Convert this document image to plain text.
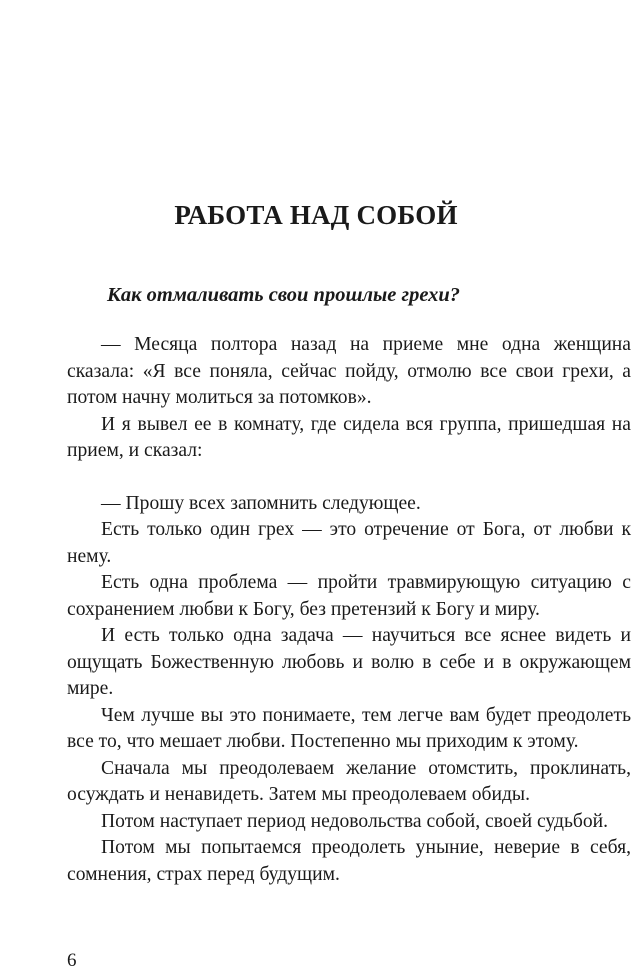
РАБОТА НАД СОБОЙ
Как отмаливать свои прошлые грехи?

— Месяца полтора назад на приеме мне одна женщина сказала: «Я все поняла, сейчас пойду, отмолю все свои грехи, а потом начну молиться за потомков».

И я вывел ее в комнату, где сидела вся группа, пришедшая на прием, и сказал:

— Прошу всех запомнить следующее.

Есть только один грех — это отречение от Бога, от любви к нему.

Есть одна проблема — пройти травмирующую ситуацию с сохранением любви к Богу, без претензий к Богу и миру.

И есть только одна задача — научиться все яснее видеть и ощущать Божественную любовь и волю в себе и в окружающем мире.

Чем лучше вы это понимаете, тем легче вам будет преодолеть все то, что мешает любви. Постепенно мы приходим к этому.

Сначала мы преодолеваем желание отомстить, проклинать, осуждать и ненавидеть. Затем мы преодолеваем обиды.

Потом наступает период недовольства собой, своей судьбой.

Потом мы попытаемся преодолеть уныние, неверие в себя, сомнения, страх перед будущим.

6
